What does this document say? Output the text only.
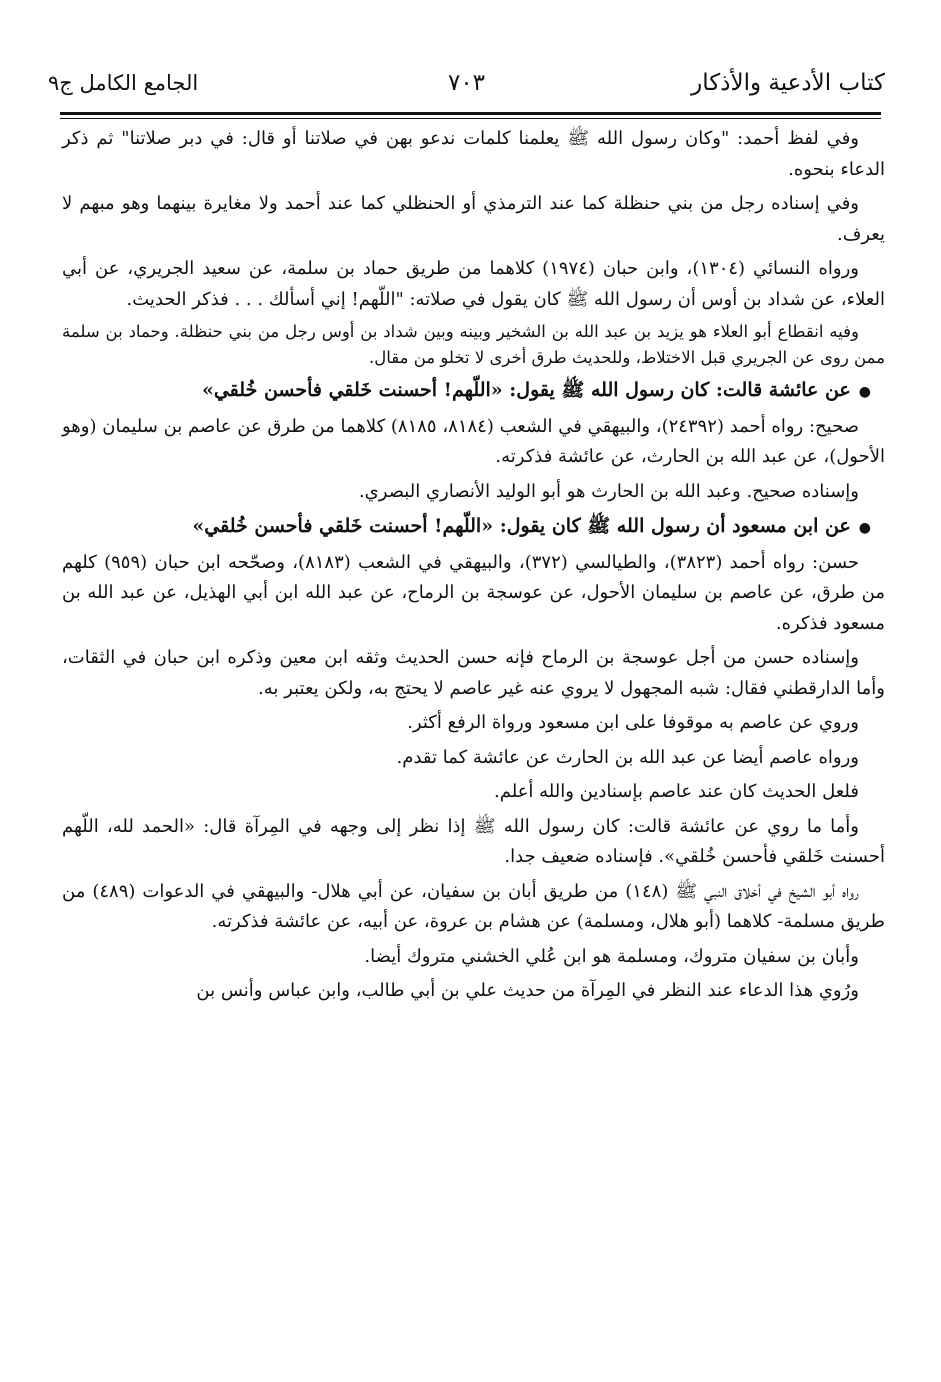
كتاب الأدعية والأذكار
٧٠٣
الجامع الكامل ج٩

وفي لفظ أحمد: "وكان رسول الله ﷺ يعلمنا كلمات ندعو بهن في صلاتنا أو قال: في دبر صلاتنا" ثم ذكر الدعاء بنحوه.

وفي إسناده رجل من بني حنظلة كما عند الترمذي أو الحنظلي كما عند أحمد ولا مغايرة بينهما وهو مبهم لا يعرف.

ورواه النسائي (١٣٠٤)، وابن حبان (١٩٧٤) كلاهما من طريق حماد بن سلمة، عن سعيد الجريري، عن أبي العلاء، عن شداد بن أوس أن رسول الله ﷺ كان يقول في صلاته: "اللّهم! إني أسألك . . . فذكر الحديث.

وفيه انقطاع أبو العلاء هو يزيد بن عبد الله بن الشخير وبينه وبين شداد بن أوس رجل من بني حنظلة. وحماد بن سلمة ممن روى عن الجريري قبل الاختلاط، وللحديث طرق أخرى لا تخلو من مقال.

●عن عائشة قالت: كان رسول الله ﷺ يقول: «اللّهم! أحسنت خَلقي فأحسن خُلقي»

صحيح: رواه أحمد (٢٤٣٩٢)، والبيهقي في الشعب (٨١٨٤، ٨١٨٥) كلاهما من طرق عن عاصم بن سليمان (وهو الأحول)، عن عبد الله بن الحارث، عن عائشة فذكرته.

وإسناده صحيح. وعبد الله بن الحارث هو أبو الوليد الأنصاري البصري.

●عن ابن مسعود أن رسول الله ﷺ كان يقول: «اللّهم! أحسنت خَلقي فأحسن خُلقي»

حسن: رواه أحمد (٣٨٢٣)، والطيالسي (٣٧٢)، والبيهقي في الشعب (٨١٨٣)، وصحّحه ابن حبان (٩٥٩) كلهم من طرق، عن عاصم بن سليمان الأحول، عن عوسجة بن الرماح، عن عبد الله ابن أبي الهذيل، عن عبد الله بن مسعود فذكره.

وإسناده حسن من أجل عوسجة بن الرماح فإنه حسن الحديث وثقه ابن معين وذكره ابن حبان في الثقات، وأما الدارقطني فقال: شبه المجهول لا يروي عنه غير عاصم لا يحتج به، ولكن يعتبر به.

وروي عن عاصم به موقوفا على ابن مسعود ورواة الرفع أكثر.

ورواه عاصم أيضا عن عبد الله بن الحارث عن عائشة كما تقدم.

فلعل الحديث كان عند عاصم بإسنادين والله أعلم.

وأما ما روي عن عائشة قالت: كان رسول الله ﷺ إذا نظر إلى وجهه في المِرآة قال: «الحمد لله، اللّهم أحسنت خَلقي فأحسن خُلقي». فإسناده ضعيف جدا.

رواه أبو الشيخ في أخلاق النبي ﷺ (١٤٨) من طريق أبان بن سفيان، عن أبي هلال- والبيهقي في الدعوات (٤٨٩) من طريق مسلمة- كلاهما (أبو هلال، ومسلمة) عن هشام بن عروة، عن أبيه، عن عائشة فذكرته.

وأبان بن سفيان متروك، ومسلمة هو ابن عُلي الخشني متروك أيضا.

ورُوي هذا الدعاء عند النظر في المِرآة من حديث علي بن أبي طالب، وابن عباس وأنس بن
